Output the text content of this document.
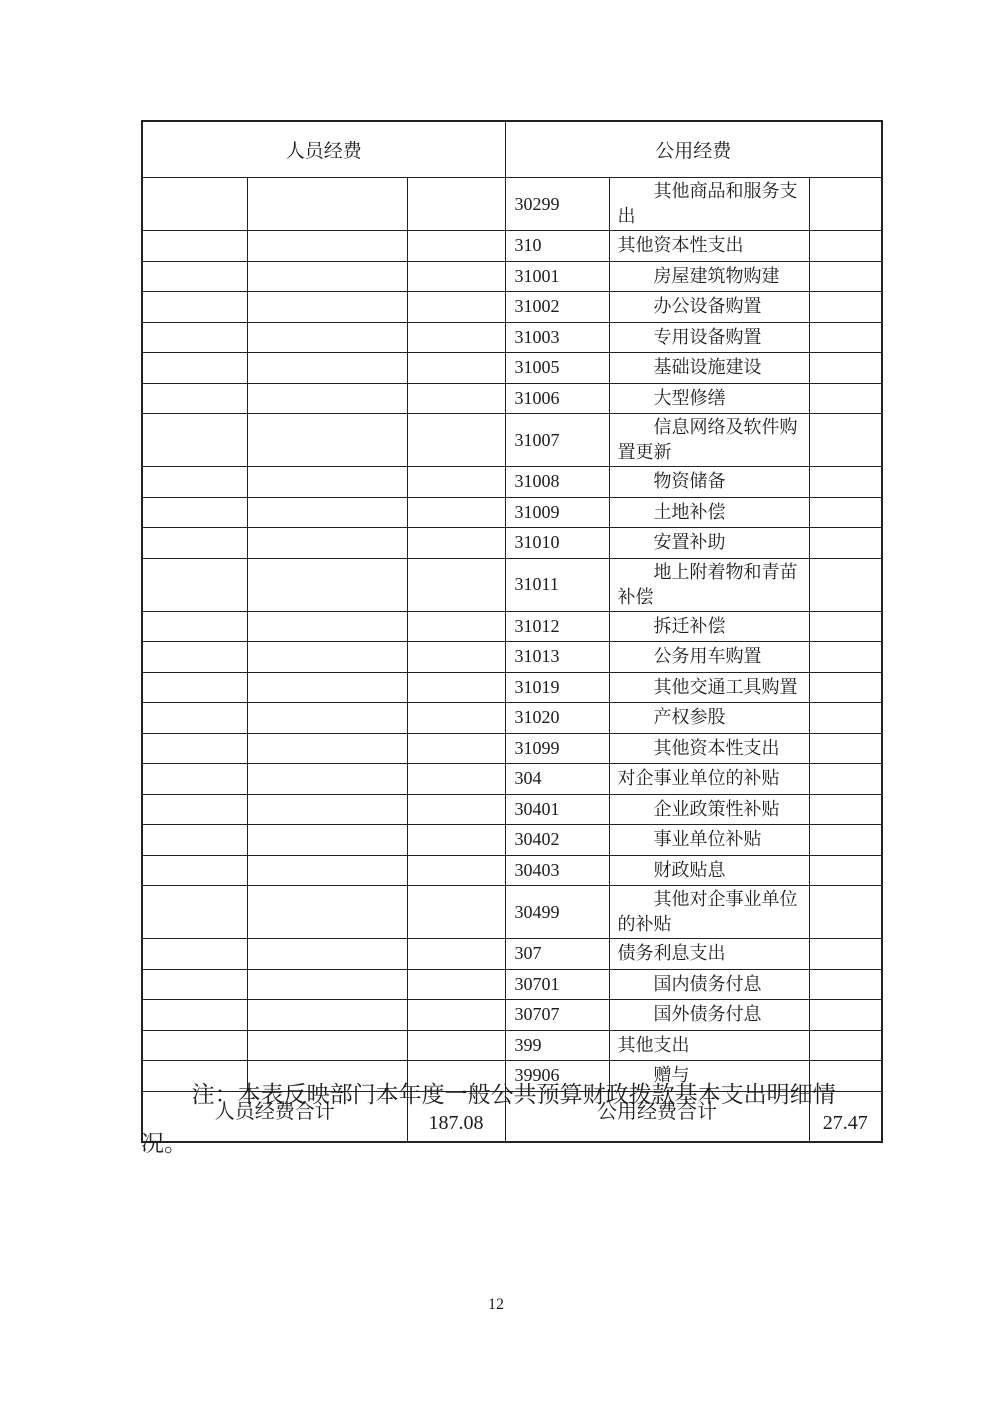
人员经费			公用经费		
			30299	　　其他商品和服务支出	
			310	其他资本性支出	
			31001	　　房屋建筑物购建	
			31002	　　办公设备购置	
			31003	　　专用设备购置	
			31005	　　基础设施建设	
			31006	　　大型修缮	
			31007	　　信息网络及软件购置更新	
			31008	　　物资储备	
			31009	　　土地补偿	
			31010	　　安置补助	
			31011	　　地上附着物和青苗补偿	
			31012	　　拆迁补偿	
			31013	　　公务用车购置	
			31019	　　其他交通工具购置	
			31020	　　产权参股	
			31099	　　其他资本性支出	
			304	对企事业单位的补贴	
			30401	　　企业政策性补贴	
			30402	　　事业单位补贴	
			30403	　　财政贴息	
			30499	　　其他对企事业单位的补贴	
			307	债务利息支出	
			30701	　　国内债务付息	
			30707	　　国外债务付息	
			399	其他支出	
			39906	　　赠与	
人员经费合计		187.08	公用经费合计		27.47

注：本表反映部门本年度一般公共预算财政拨款基本支出明细情况。

12
